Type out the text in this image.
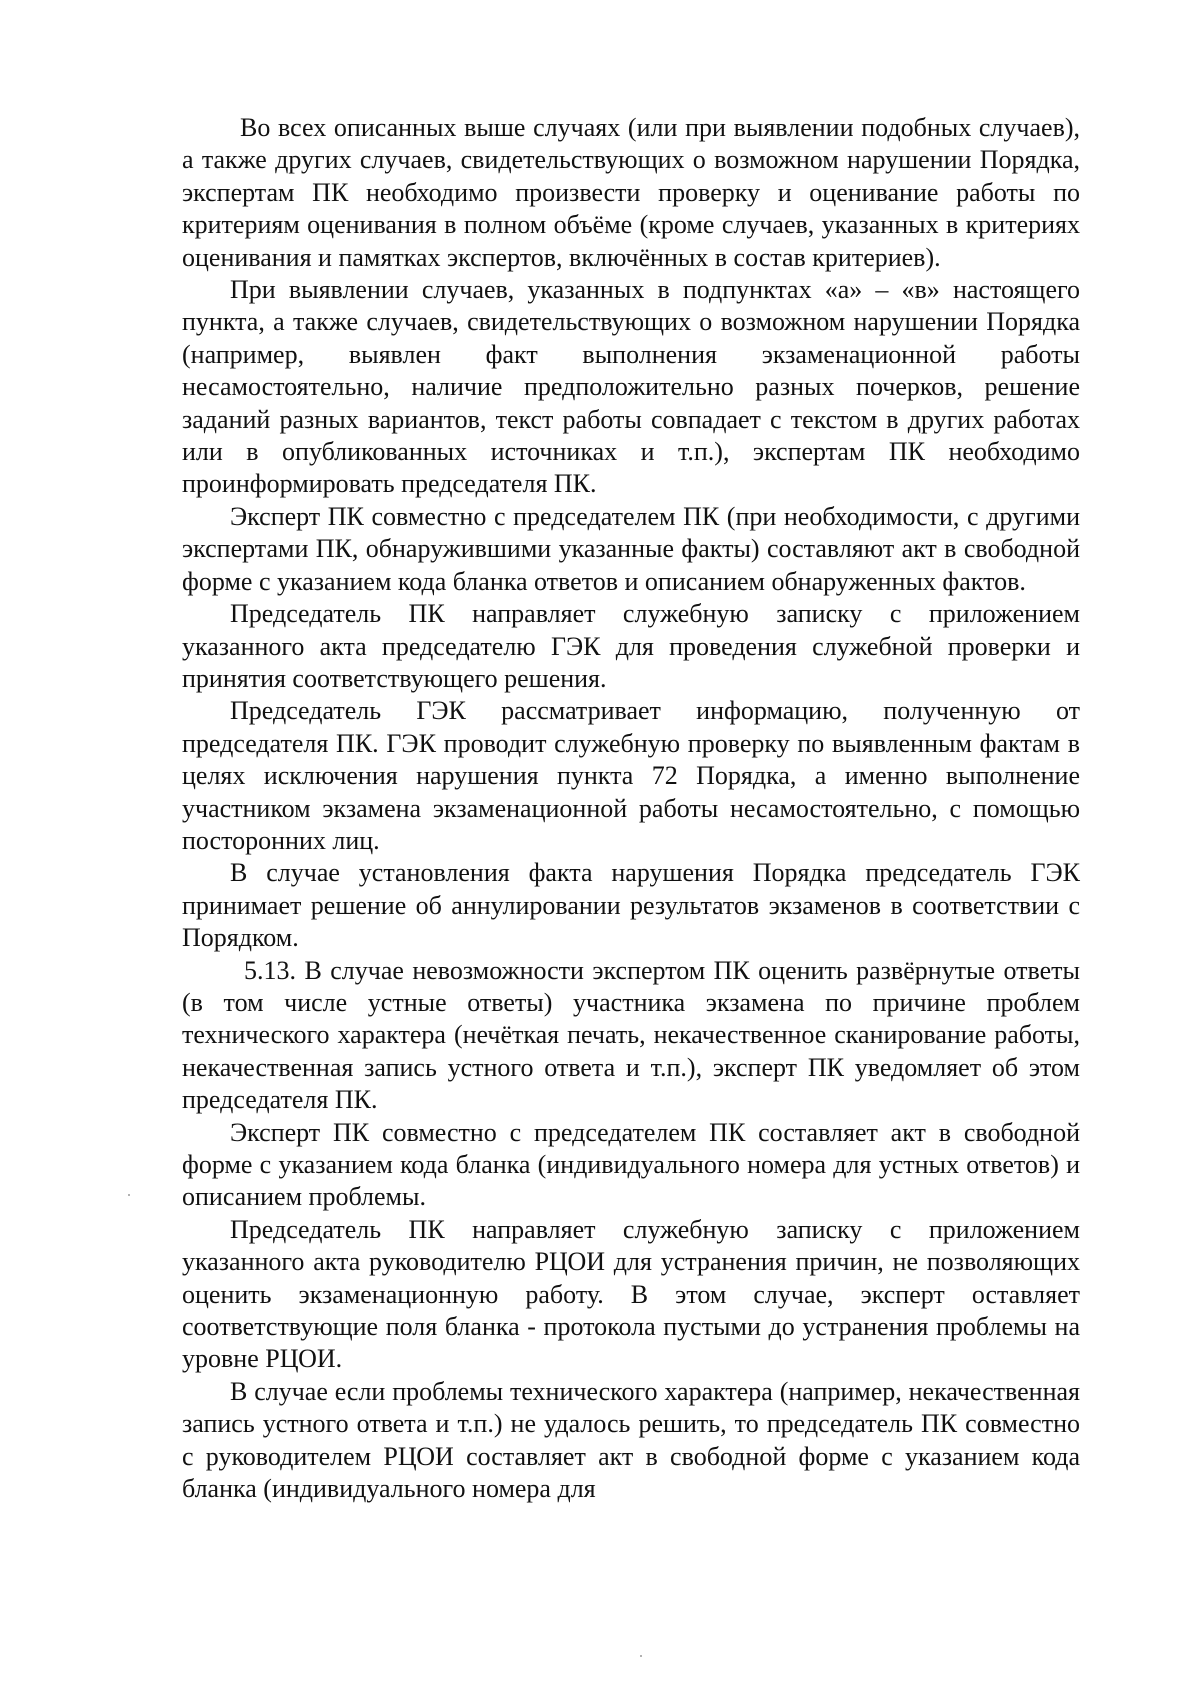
Во всех описанных выше случаях (или при выявлении подобных случаев), а также других случаев, свидетельствующих о возможном нарушении Порядка, экспертам ПК необходимо произвести проверку и оценивание работы по критериям оценивания в полном объёме (кроме случаев, указанных в критериях оценивания и памятках экспертов, включённых в состав критериев).

При выявлении случаев, указанных в подпунктах «а» – «в» настоящего пункта, а также случаев, свидетельствующих о возможном нарушении Порядка (например, выявлен факт выполнения экзаменационной работы несамостоятельно, наличие предположительно разных почерков, решение заданий разных вариантов, текст работы совпадает с текстом в других работах или в опубликованных источниках и т.п.), экспертам ПК необходимо проинформировать председателя ПК.

Эксперт ПК совместно с председателем ПК (при необходимости, с другими экспертами ПК, обнаружившими указанные факты) составляют акт в свободной форме с указанием кода бланка ответов и описанием обнаруженных фактов.

Председатель ПК направляет служебную записку с приложением указанного акта председателю ГЭК для проведения служебной проверки и принятия соответствующего решения.

Председатель ГЭК рассматривает информацию, полученную от председателя ПК. ГЭК проводит служебную проверку по выявленным фактам в целях исключения нарушения пункта 72 Порядка, а именно выполнение участником экзамена экзаменационной работы несамостоятельно, с помощью посторонних лиц.

В случае установления факта нарушения Порядка председатель ГЭК принимает решение об аннулировании результатов экзаменов в соответствии с Порядком.

5.13. В случае невозможности экспертом ПК оценить развёрнутые ответы (в том числе устные ответы) участника экзамена по причине проблем технического характера (нечёткая печать, некачественное сканирование работы, некачественная запись устного ответа и т.п.), эксперт ПК уведомляет об этом председателя ПК.

Эксперт ПК совместно с председателем ПК составляет акт в свободной форме с указанием кода бланка (индивидуального номера для устных ответов) и описанием проблемы.

Председатель ПК направляет служебную записку с приложением указанного акта руководителю РЦОИ для устранения причин, не позволяющих оценить экзаменационную работу. В этом случае, эксперт оставляет соответствующие поля бланка - протокола пустыми до устранения проблемы на уровне РЦОИ.

В случае если проблемы технического характера (например, некачественная запись устного ответа и т.п.) не удалось решить, то председатель ПК совместно с руководителем РЦОИ составляет акт в свободной форме с указанием кода бланка (индивидуального номера для
